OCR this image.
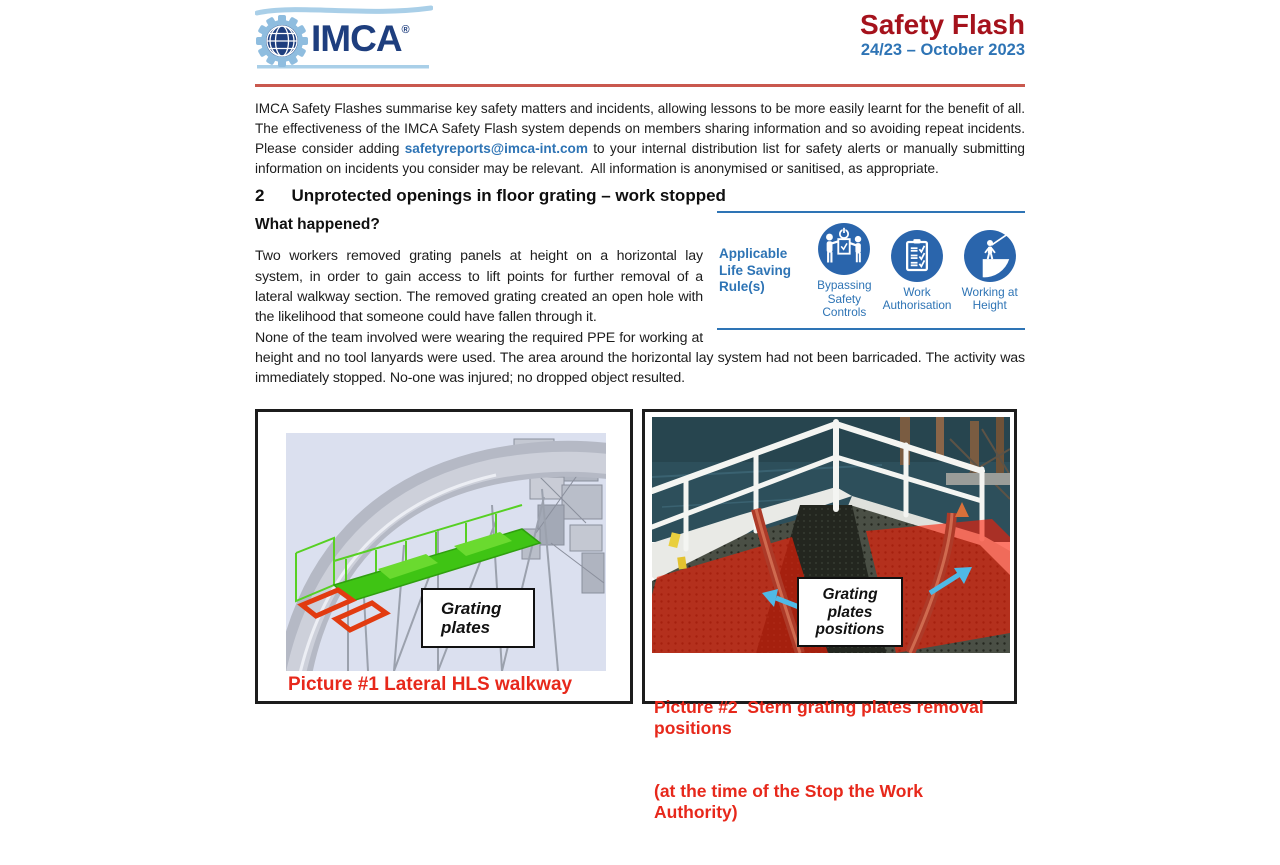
IMCA®	Safety Flash
24/23 – October 2023

IMCA Safety Flashes summarise key safety matters and incidents, allowing lessons to be more easily learnt for the benefit of all. The effectiveness of the IMCA Safety Flash system depends on members sharing information and so avoiding repeat incidents. Please consider adding safetyreports@imca-int.com to your internal distribution list for safety alerts or manually submitting information on incidents you consider may be relevant.  All information is anonymised or sanitised, as appropriate.

2 Unprotected openings in floor grating – work stopped
Applicable Life Saving Rule(s)	Bypassing Safety Controls
Work Authorisation
Working at Height
What happened?

Two workers removed grating panels at height on a horizontal lay system, in order to gain access to lift points for further removal of a lateral walkway section. The removed grating created an open hole with the likelihood that someone could have fallen through it.

None of the team involved were wearing the required PPE for working at height and no tool lanyards were used. The area around the horizontal lay system had not been barricaded. The activity was immediately stopped. No-one was injured; no dropped object resulted.

Grating plates
Picture #1 Lateral HLS walkway
Grating plates positions

Picture #2  Stern grating plates removal positions

(at the time of the Stop the Work Authority)
